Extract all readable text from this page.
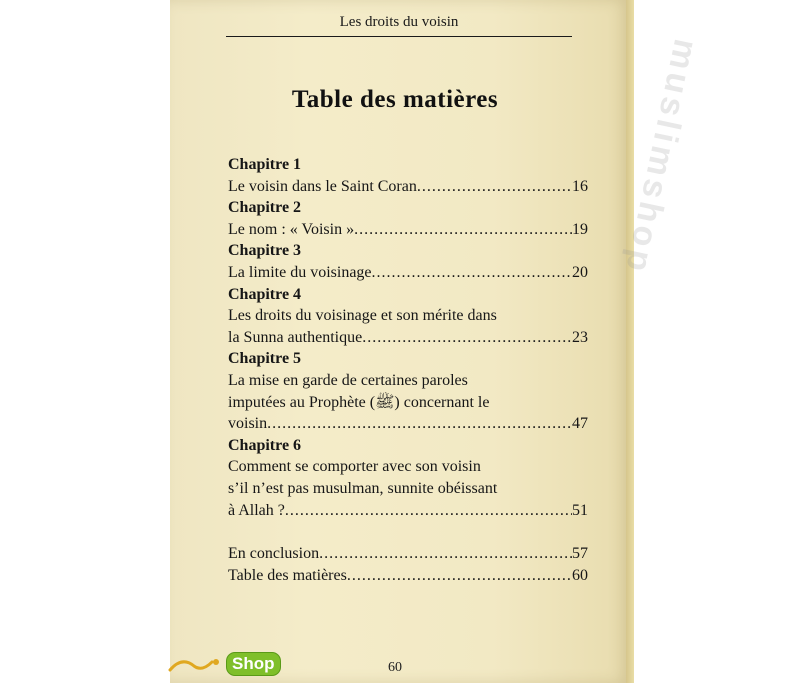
muslimshop
Les droits du voisin
Table des matières
Chapitre 1
Le voisin dans le Saint Coran .....	16
Chapitre 2
Le nom : « Voisin » .....	19
Chapitre 3
La limite du voisinage .....	20
Chapitre 4
Les droits du voisinage et son mérite dans
la Sunna authentique .....	23
Chapitre 5
La mise en garde de certaines paroles
imputées au Prophète (ﷺ) concernant le
voisin .....	47
Chapitre 6
Comment se comporter avec son voisin
s’il n’est pas musulman, sunnite obéissant
à Allah ? .....	51
En conclusion .....	57
Table des matières .....	60
60
Shop
